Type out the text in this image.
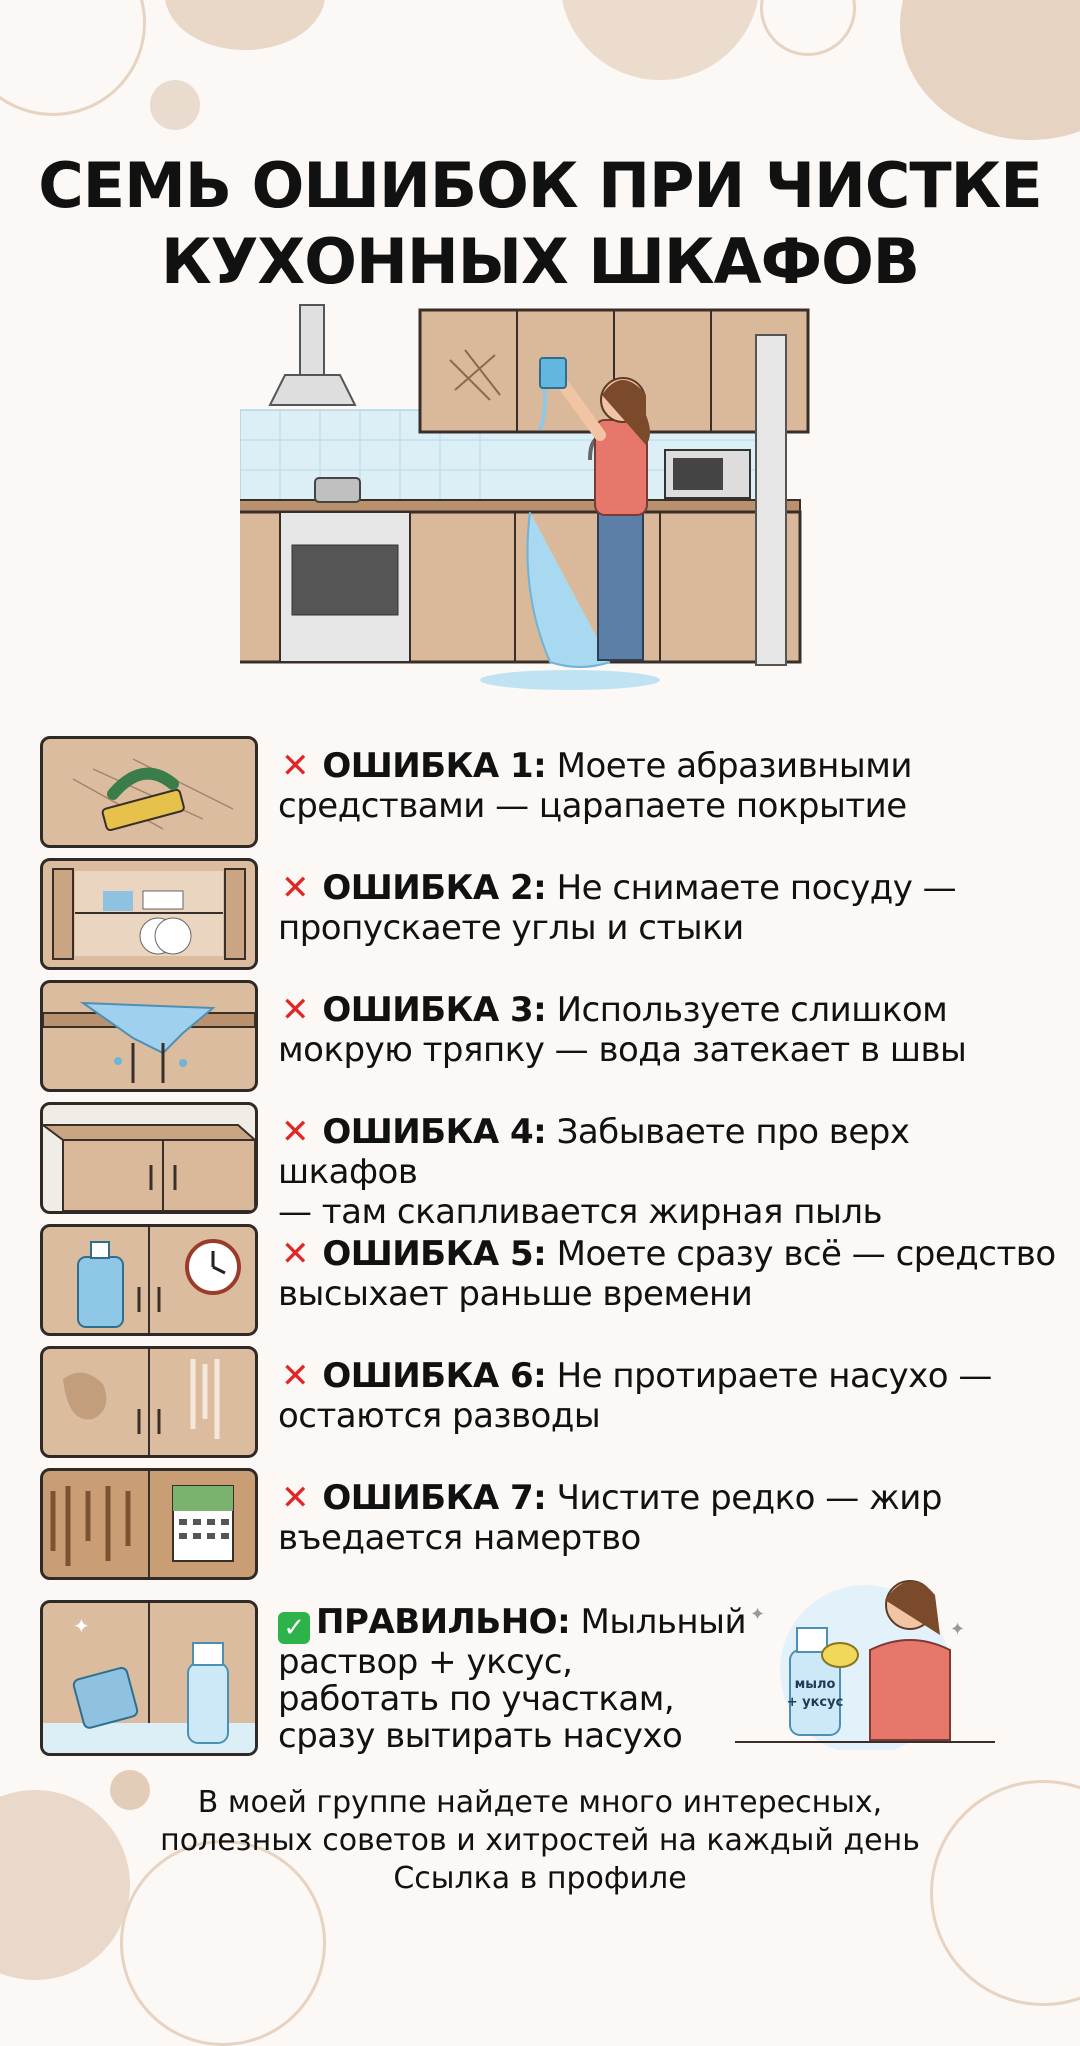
СЕМЬ ОШИБОК ПРИ ЧИСТКЕ
КУХОННЫХ ШКАФОВ
✕ ОШИБКА 1: Моете абразивными
средствами — царапаете покрытие
✕ ОШИБКА 2: Не снимаете посуду —
пропускаете углы и стыки
✕ ОШИБКА 3: Используете слишком
мокрую тряпку — вода затекает в швы
✕ ОШИБКА 4: Забываете про верх шкафов
— там скапливается жирная пыль
✕ ОШИБКА 5: Моете сразу всё — средство
высыхает раньше времени
✕ ОШИБКА 6: Не протираете насухо —
остаются разводы
✕ ОШИБКА 7: Чистите редко — жир
въедается намертво
✦	✓ ПРАВИЛЬНО: Мыльный
раствор + уксус,
работать по участкам,
сразу вытирать насухо
мыло
+ уксус
✦
✦
В моей группе найдете много интересных,
полезных советов и хитростей на каждый день
Ссылка в профиле
